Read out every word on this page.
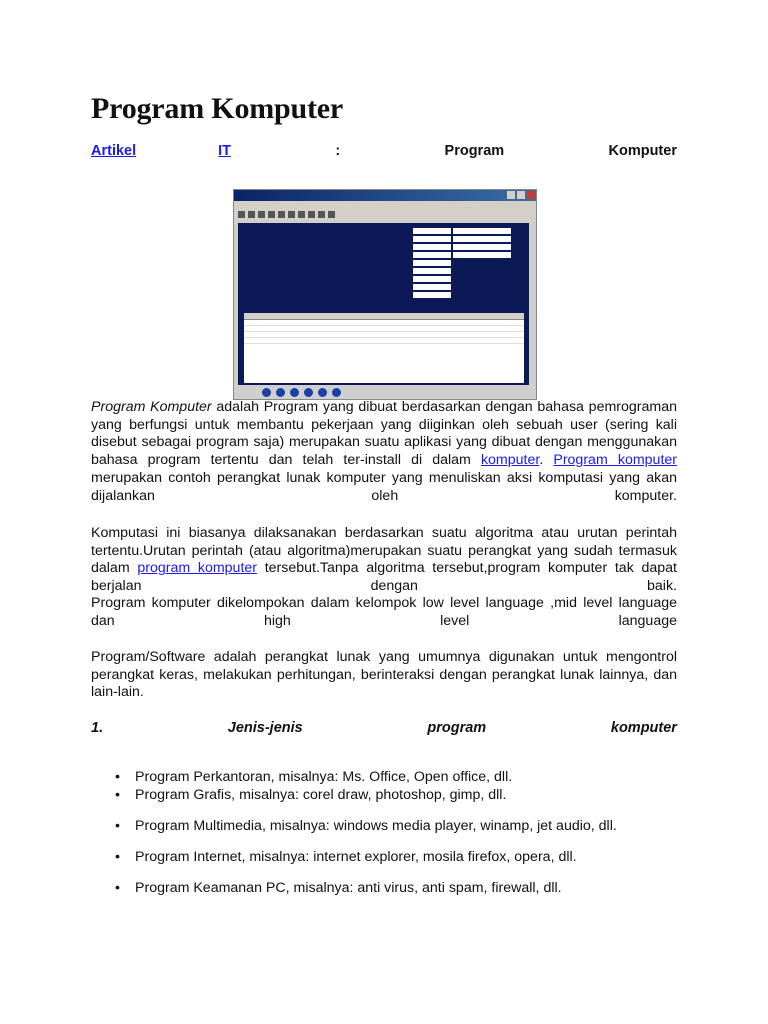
Program Komputer
Artikel	IT	:	Program	Komputer

Program Komputer adalah Program yang dibuat berdasarkan dengan bahasa pemrograman yang berfungsi untuk membantu pekerjaan yang diiginkan oleh sebuah user (sering kali disebut sebagai program saja) merupakan suatu aplikasi yang dibuat dengan menggunakan bahasa program tertentu dan telah ter-install di dalam komputer. Program komputer merupakan contoh perangkat lunak komputer yang menuliskan aksi komputasi yang akan dijalankan oleh komputer.

Komputasi ini biasanya dilaksanakan berdasarkan suatu algoritma atau urutan perintah tertentu.Urutan perintah (atau algoritma)merupakan suatu perangkat yang sudah termasuk dalam program komputer tersebut.Tanpa algoritma tersebut,program komputer tak dapat berjalan dengan baik.

Program komputer dikelompokan dalam kelompok low level language ,mid level language dan high level language

Program/Software adalah perangkat lunak yang umumnya digunakan untuk mengontrol perangkat keras, melakukan perhitungan, berinteraksi dengan perangkat lunak lainnya, dan lain-lain.

1.	Jenis-jenis	program	komputer
• Program Perkantoran, misalnya: Ms. Office, Open office, dll.
• Program Grafis, misalnya: corel draw, photoshop, gimp, dll.
• Program Multimedia, misalnya: windows media player, winamp, jet audio, dll.
• Program Internet, misalnya: internet explorer, mosila firefox, opera, dll.
• Program Keamanan PC, misalnya: anti virus, anti spam, firewall, dll.
